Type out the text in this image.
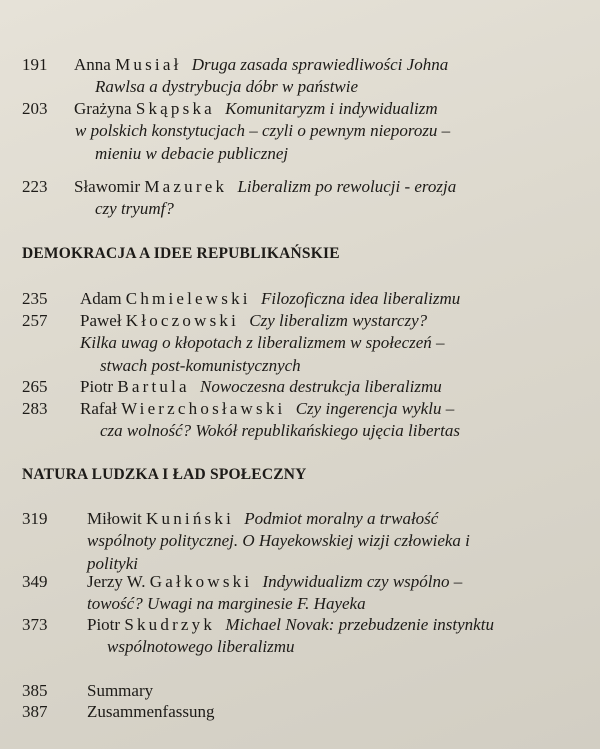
191 Anna Musiał Druga zasada sprawiedliwości Johna
Rawlsa a dystrybucja dóbr w państwie
203 Grażyna Skąpska Komunitaryzm i indywidualizm
w polskich konstytucjach – czyli o pewnym nieporozu –
mieniu w debacie publicznej
223 Sławomir Mazurek Liberalizm po rewolucji - erozja
czy tryumf?
DEMOKRACJA A IDEE REPUBLIKAŃSKIE
235 Adam Chmielewski Filozoficzna idea liberalizmu
257 Paweł Kłoczowski Czy liberalizm wystarczy?
Kilka uwag o kłopotach z liberalizmem w społeczeń –
stwach post-komunistycznych
265 Piotr Bartula Nowoczesna destrukcja liberalizmu
283 Rafał Wierzchosławski Czy ingerencja wyklu –
cza wolność? Wokół republikańskiego ujęcia libertas
NATURA LUDZKA I ŁAD SPOŁECZNY
319 Miłowit Kuniński Podmiot moralny a trwałość
wspólnoty politycznej. O Hayekowskiej wizji człowieka i
polityki
349 Jerzy W. Gałkowski Indywidualizm czy wspólno –
towość? Uwagi na marginesie F. Hayeka
373 Piotr Skudrzyk Michael Novak: przebudzenie instynktu
wspólnotowego liberalizmu
385 Summary
387 Zusammenfassung
